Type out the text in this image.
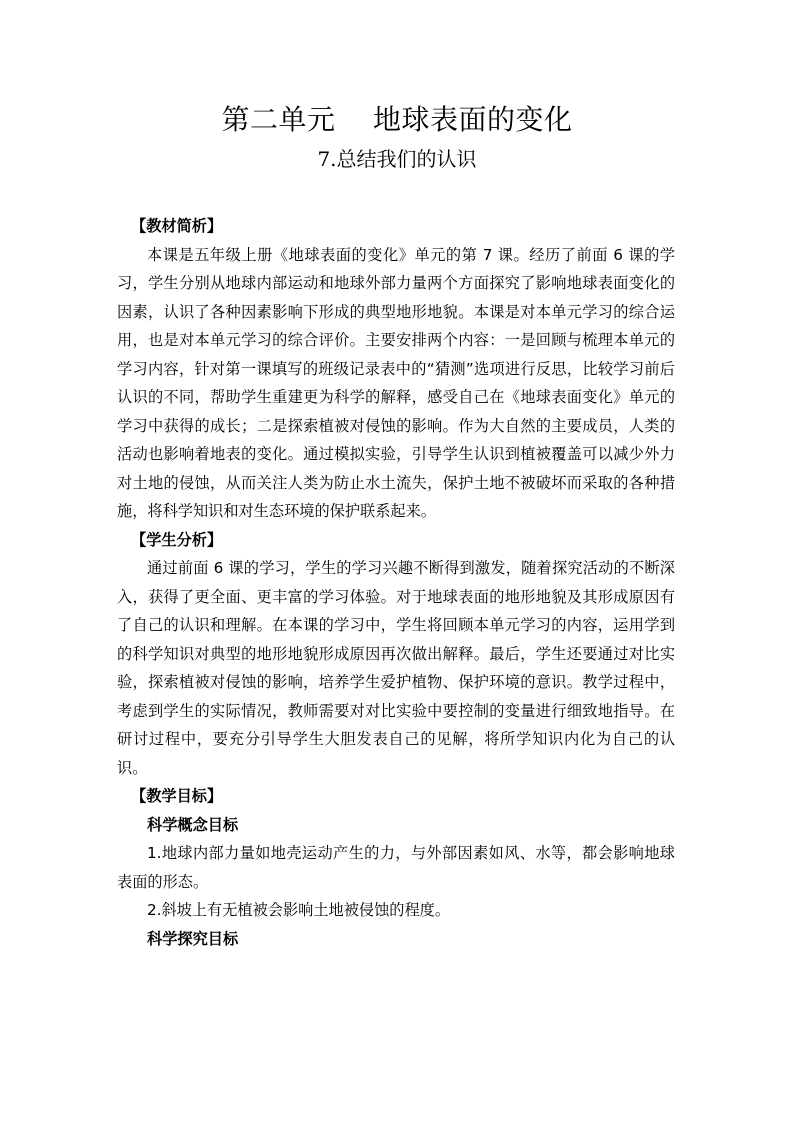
第二单元    地球表面的变化
7.总结我们的认识

【教材简析】

本课是五年级上册《地球表面的变化》单元的第 7 课。经历了前面 6 课的学习，学生分别从地球内部运动和地球外部力量两个方面探究了影响地球表面变化的因素，认识了各种因素影响下形成的典型地形地貌。本课是对本单元学习的综合运用，也是对本单元学习的综合评价。主要安排两个内容：一是回顾与梳理本单元的学习内容，针对第一课填写的班级记录表中的“猜测”选项进行反思，比较学习前后认识的不同，帮助学生重建更为科学的解释，感受自己在《地球表面变化》单元的学习中获得的成长；二是探索植被对侵蚀的影响。作为大自然的主要成员，人类的活动也影响着地表的变化。通过模拟实验，引导学生认识到植被覆盖可以减少外力对土地的侵蚀，从而关注人类为防止水土流失，保护土地不被破坏而采取的各种措施，将科学知识和对生态环境的保护联系起来。

【学生分析】

通过前面 6 课的学习，学生的学习兴趣不断得到激发，随着探究活动的不断深入，获得了更全面、更丰富的学习体验。对于地球表面的地形地貌及其形成原因有了自己的认识和理解。在本课的学习中，学生将回顾本单元学习的内容，运用学到的科学知识对典型的地形地貌形成原因再次做出解释。最后，学生还要通过对比实验，探索植被对侵蚀的影响，培养学生爱护植物、保护环境的意识。教学过程中，考虑到学生的实际情况，教师需要对对比实验中要控制的变量进行细致地指导。在研讨过程中，要充分引导学生大胆发表自己的见解，将所学知识内化为自己的认识。

【教学目标】

科学概念目标

1.地球内部力量如地壳运动产生的力，与外部因素如风、水等，都会影响地球表面的形态。

2.斜坡上有无植被会影响土地被侵蚀的程度。

科学探究目标
